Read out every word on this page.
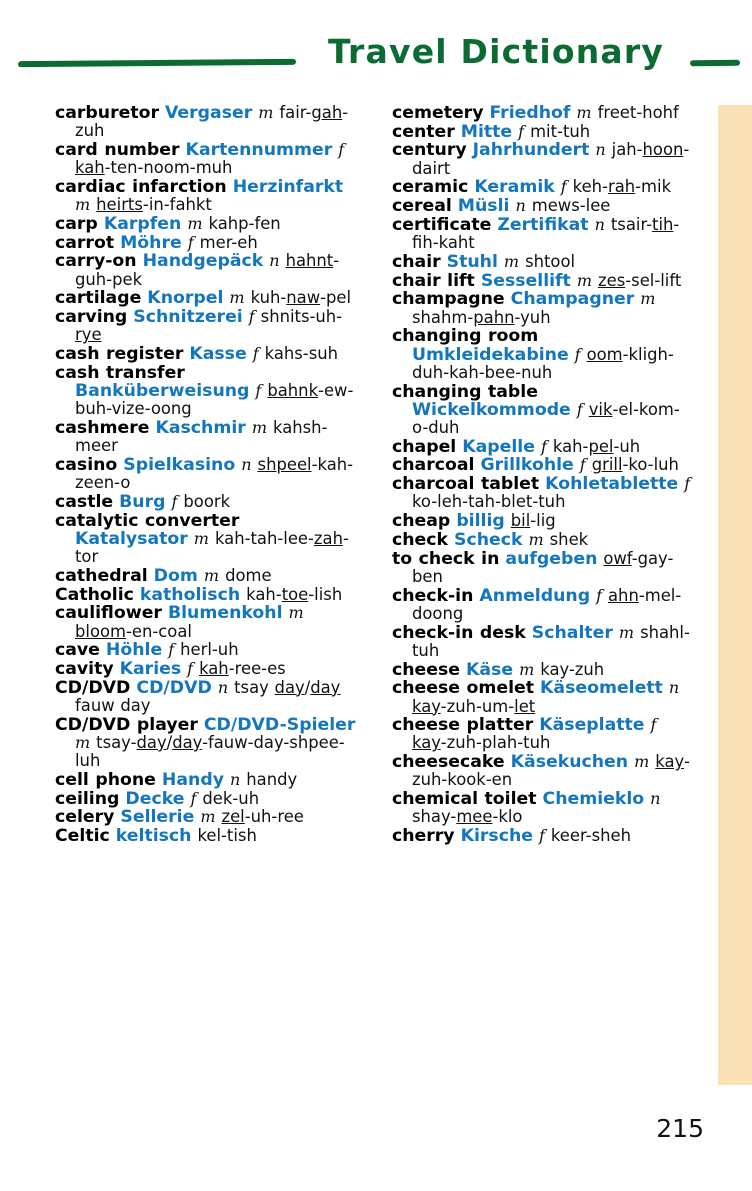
Travel Dictionary
carburetor Vergaser m fair-gah-zuh
card number Kartennummer f kah-ten-noom-muh
cardiac infarction Herzinfarkt m heirts-in-fahkt
carp Karpfen m kahp-fen
carrot Möhre f mer-eh
carry-on Handgepäck n hahnt-guh-pek
cartilage Knorpel m kuh-naw-pel
carving Schnitzerei f shnits-uh-rye
cash register Kasse f kahs-suh
cash transfer Banküberweisung f bahnk-ew-buh-vize-oong
cashmere Kaschmir m kahsh-meer
casino Spielkasino n shpeel-kah-zeen-o
castle Burg f boork
catalytic converter Katalysator m kah-tah-lee-zah-tor
cathedral Dom m dome
Catholic katholisch kah-toe-lish
cauliflower Blumenkohl m bloom-en-coal
cave Höhle f herl-uh
cavity Karies f kah-ree-es
CD/DVD CD/DVD n tsay day/day fauw day
CD/DVD player CD/DVD-Spieler m tsay-day/day-fauw-day-shpee-luh
cell phone Handy n handy
ceiling Decke f dek-uh
celery Sellerie m zel-uh-ree
Celtic keltisch kel-tish
cemetery Friedhof m freet-hohf
center Mitte f mit-tuh
century Jahrhundert n jah-hoon-dairt
ceramic Keramik f keh-rah-mik
cereal Müsli n mews-lee
certificate Zertifikat n tsair-tih-fih-kaht
chair Stuhl m shtool
chair lift Sessellift m zes-sel-lift
champagne Champagner m shahm-pahn-yuh
changing room Umkleidekabine f oom-kligh-duh-kah-bee-nuh
changing table Wickelkommode f vik-el-kom-o-duh
chapel Kapelle f kah-pel-uh
charcoal Grillkohle f grill-ko-luh
charcoal tablet Kohletablette f ko-leh-tah-blet-tuh
cheap billig bil-lig
check Scheck m shek
to check in aufgeben owf-gay-ben
check-in Anmeldung f ahn-mel-doong
check-in desk Schalter m shahl-tuh
cheese Käse m kay-zuh
cheese omelet Käseomelett n kay-zuh-um-let
cheese platter Käseplatte f kay-zuh-plah-tuh
cheesecake Käsekuchen m kay-zuh-kook-en
chemical toilet Chemieklo n shay-mee-klo
cherry Kirsche f keer-sheh
215
